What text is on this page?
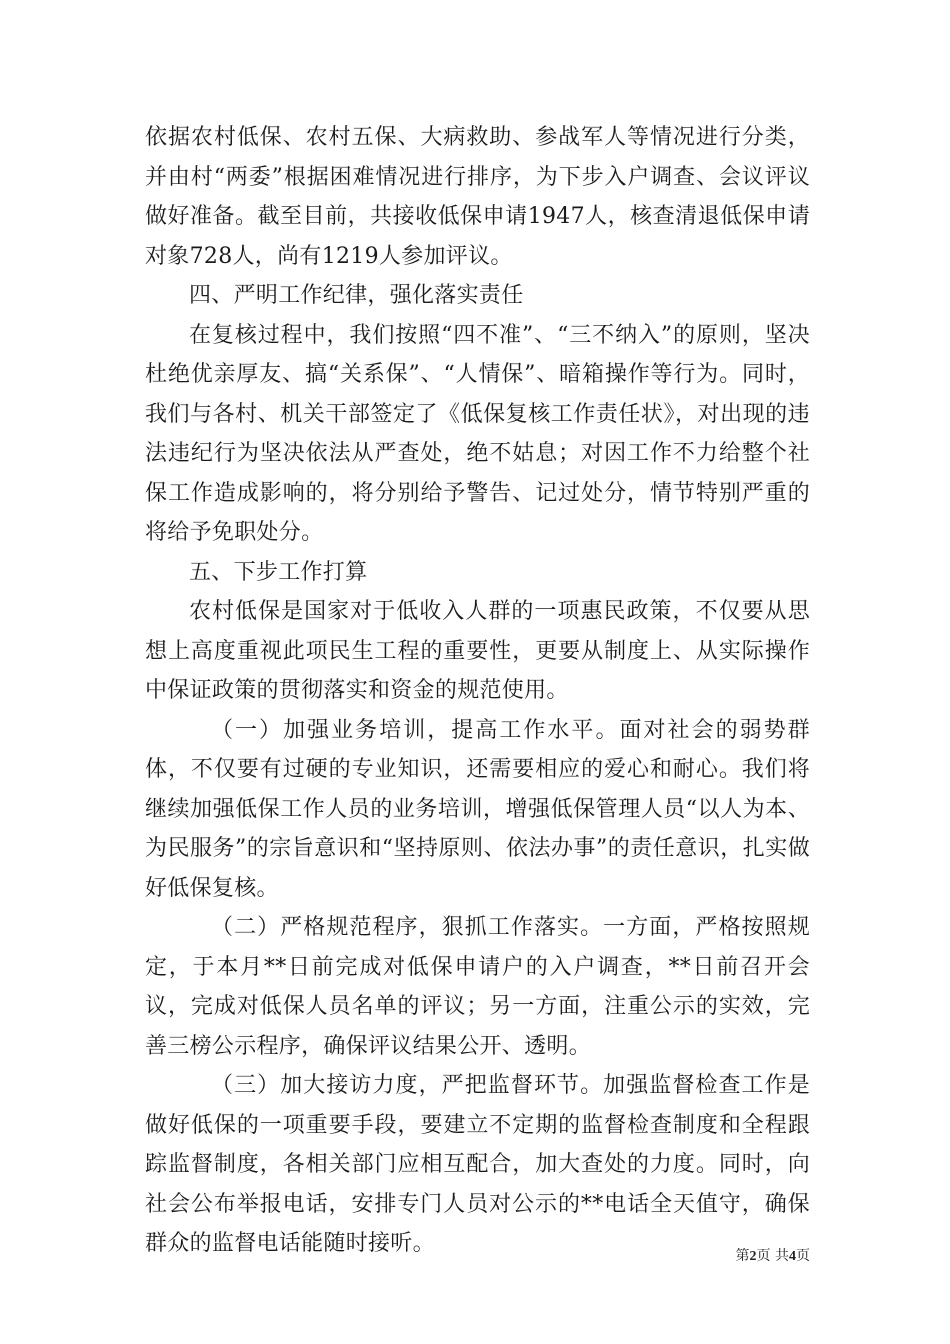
依据农村低保、农村五保、大病救助、参战军人等情况进行分类，并由村“两委”根据困难情况进行排序，为下步入户调查、会议评议做好准备。截至目前，共接收低保申请1947人，核查清退低保申请对象728人，尚有1219人参加评议。

四、严明工作纪律，强化落实责任

在复核过程中，我们按照“四不准”、“三不纳入”的原则，坚决杜绝优亲厚友、搞“关系保”、“人情保”、暗箱操作等行为。同时，我们与各村、机关干部签定了《低保复核工作责任状》，对出现的违法违纪行为坚决依法从严查处，绝不姑息；对因工作不力给整个社保工作造成影响的，将分别给予警告、记过处分，情节特别严重的将给予免职处分。

五、下步工作打算

农村低保是国家对于低收入人群的一项惠民政策，不仅要从思想上高度重视此项民生工程的重要性，更要从制度上、从实际操作中保证政策的贯彻落实和资金的规范使用。

（一）加强业务培训，提高工作水平。面对社会的弱势群体，不仅要有过硬的专业知识，还需要相应的爱心和耐心。我们将继续加强低保工作人员的业务培训，增强低保管理人员“以人为本、为民服务”的宗旨意识和“坚持原则、依法办事”的责任意识，扎实做好低保复核。

（二）严格规范程序，狠抓工作落实。一方面，严格按照规定，于本月**日前完成对低保申请户的入户调查，**日前召开会议，完成对低保人员名单的评议；另一方面，注重公示的实效，完善三榜公示程序，确保评议结果公开、透明。

（三）加大接访力度，严把监督环节。加强监督检查工作是做好低保的一项重要手段，要建立不定期的监督检查制度和全程跟踪监督制度，各相关部门应相互配合，加大查处的力度。同时，向社会公布举报电话，安排专门人员对公示的**电话全天值守，确保群众的监督电话能随时接听。	第2页 共4页
